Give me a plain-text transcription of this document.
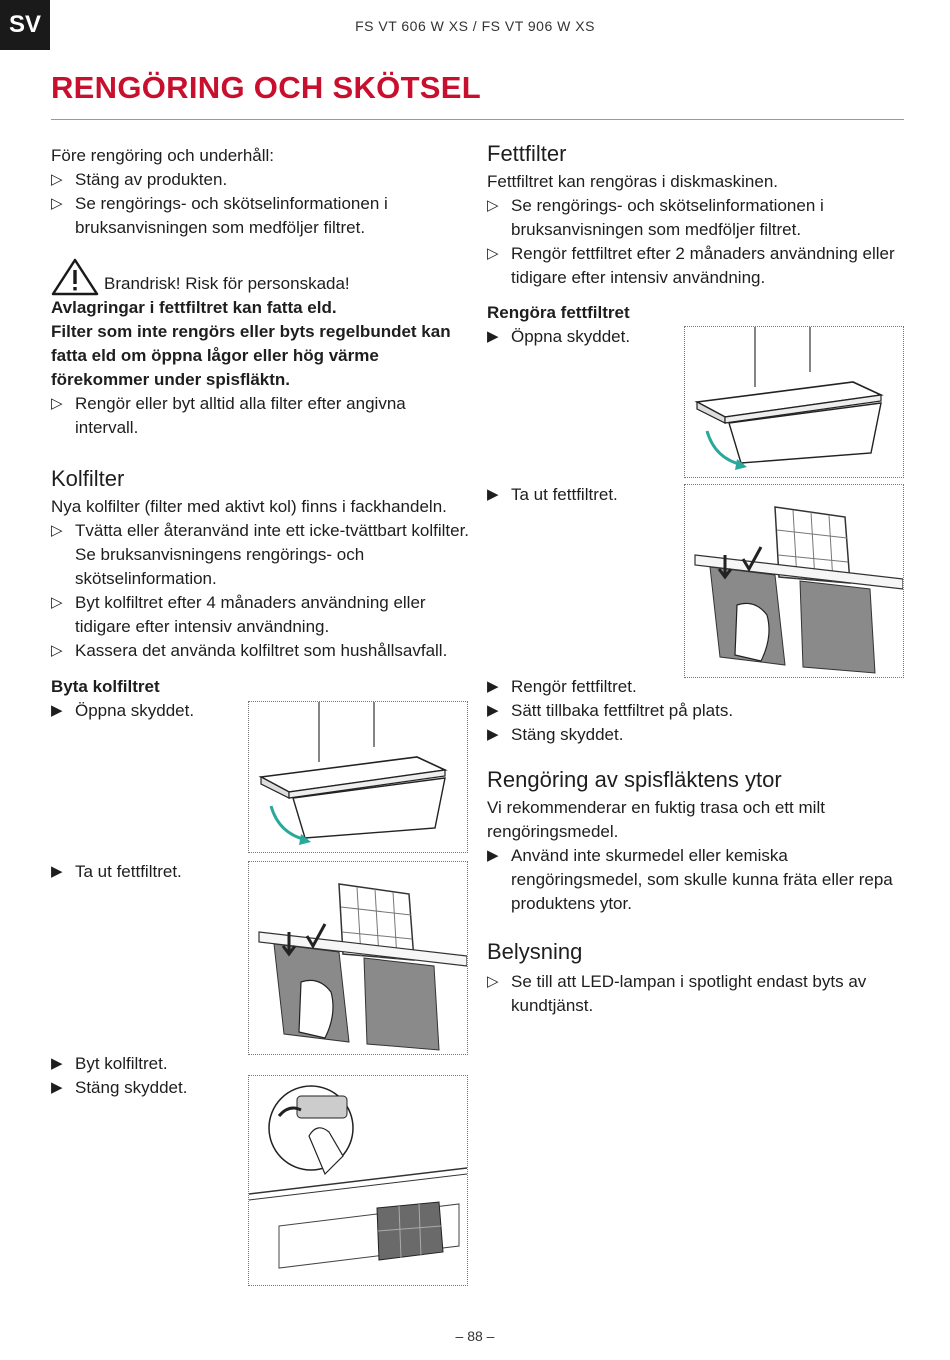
SV	FS VT 606 W XS / FS VT 906 W XS
RENGÖRING OCH SKÖTSEL

Före rengöring och underhåll:

▷ Stäng av produkten.
▷ Se rengörings- och skötselinformationen i bruksanvisningen som medföljer filtret.
Brandrisk! Risk för personskada!

Avlagringar i fettfiltret kan fatta eld.

Filter som inte rengörs eller byts regelbundet kan fatta eld om öppna lågor eller hög värme förekommer under spisfläktn.

▷ Rengör eller byt alltid alla filter efter angivna intervall.
Kolfilter

Nya kolfilter (filter med aktivt kol) finns i fackhandeln.

▷ Tvätta eller återanvänd inte ett icke-tvättbart kolfilter. Se bruksanvisningens rengörings- och skötselinformation.
▷ Byt kolfiltret efter 4 månaders användning eller tidigare efter intensiv användning.
▷ Kassera det använda kolfiltret som hushållsavfall.
Byta kolfiltret
▶ Öppna skyddet.
▶ Ta ut fettfiltret.
▶ Byt kolfiltret.
▶ Stäng skyddet.
Fettfilter

Fettfiltret kan rengöras i diskmaskinen.

▷ Se rengörings- och skötselinformationen i bruksanvisningen som medföljer filtret.
▷ Rengör fettfiltret efter 2 månaders användning eller tidigare efter intensiv användning.
Rengöra fettfiltret
▶ Öppna skyddet.
▶ Ta ut fettfiltret.
▶ Rengör fettfiltret.
▶ Sätt tillbaka fettfiltret på plats.
▶ Stäng skyddet.
Rengöring av spisfläktens ytor

Vi rekommenderar en fuktig trasa och ett milt rengöringsmedel.

▶ Använd inte skurmedel eller kemiska rengöringsmedel, som skulle kunna fräta eller repa produktens ytor.
Belysning
▷ Se till att LED-lampan i spotlight endast byts av kundtjänst.
– 88 –
